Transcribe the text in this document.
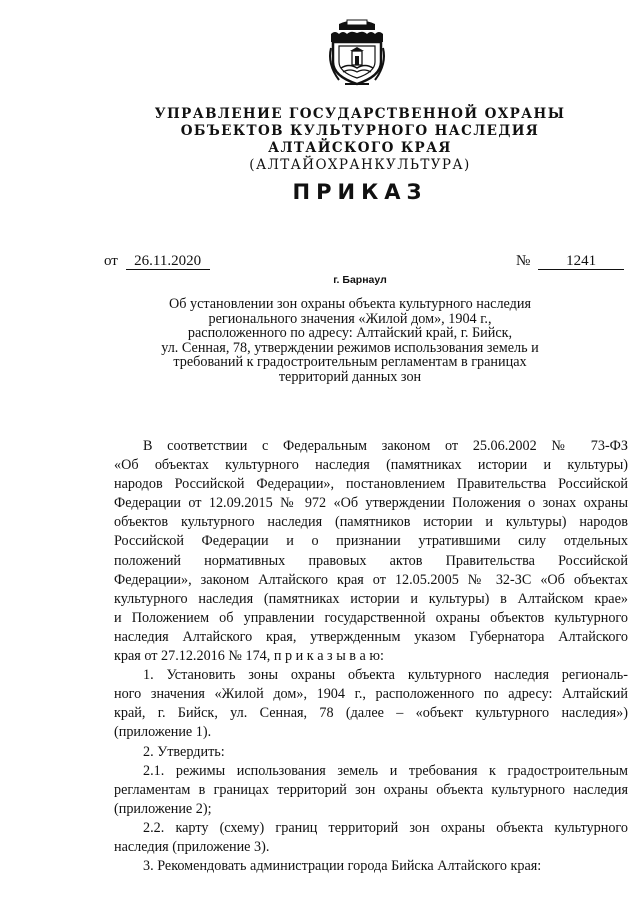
УПРАВЛЕНИЕ ГОСУДАРСТВЕННОЙ ОХРАНЫ
ОБЪЕКТОВ КУЛЬТУРНОГО НАСЛЕДИЯ
АЛТАЙСКОГО КРАЯ
(АЛТАЙОХРАНКУЛЬТУРА)
ПРИКАЗ
от 26.11.2020	№ 1241
г. Барнаул
Об установлении зон охраны объекта культурного наследия
регионального значения «Жилой дом», 1904 г.,
расположенного по адресу: Алтайский край, г. Бийск,
ул. Сенная, 78, утверждении режимов использования земель и
требований к градостроительным регламентам в границах
территорий данных зон
В соответствии с Федеральным законом от 25.06.2002 № 73-ФЗ
«Об объектах культурного наследия (памятниках истории и культуры)
народов Российской Федерации», постановлением Правительства Российской
Федерации от 12.09.2015 № 972 «Об утверждении Положения о зонах охраны
объектов культурного наследия (памятников истории и культуры) народов
Российской Федерации и о признании утратившими силу отдельных
положений нормативных правовых актов Правительства Российской
Федерации», законом Алтайского края от 12.05.2005 № 32-ЗС «Об объектах
культурного наследия (памятниках истории и культуры) в Алтайском крае»
и Положением об управлении государственной охраны объектов культурного
наследия Алтайского края, утвержденным указом Губернатора Алтайского
края от 27.12.2016 № 174, п р и к а з ы в а ю:
1. Установить зоны охраны объекта культурного наследия региональ-
ного значения «Жилой дом», 1904 г., расположенного по адресу: Алтайский
край, г. Бийск, ул. Сенная, 78 (далее – «объект культурного наследия»)
(приложение 1).
2. Утвердить:
2.1. режимы использования земель и требования к градостроительным
регламентам в границах территорий зон охраны объекта культурного наследия
(приложение 2);
2.2. карту (схему) границ территорий зон охраны объекта культурного
наследия (приложение 3).
3. Рекомендовать администрации города Бийска Алтайского края:
